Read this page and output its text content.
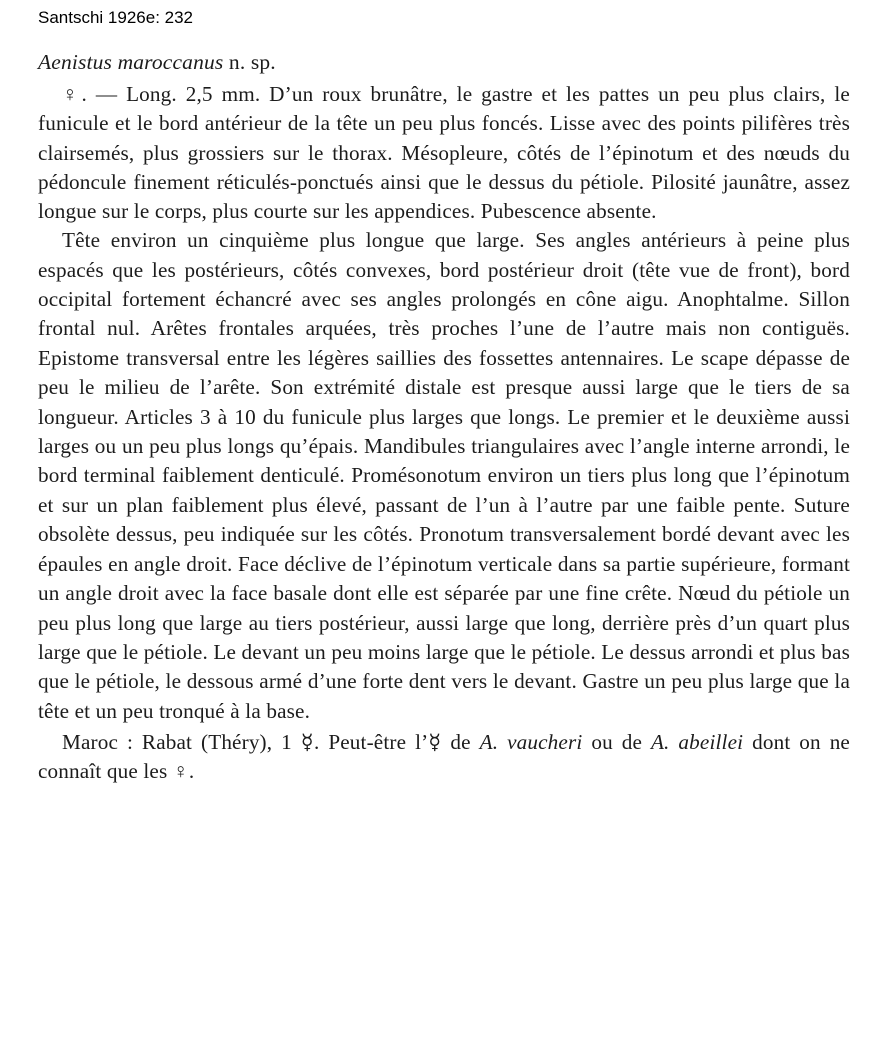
Santschi 1926e: 232

Aenistus maroccanus n. sp.

♀. — Long. 2,5 mm. D’un roux brunâtre, le gastre et les pattes un peu plus clairs, le funicule et le bord antérieur de la tête un peu plus foncés. Lisse avec des points pilifères très clairsemés, plus grossiers sur le thorax. Mésopleure, côtés de l’épinotum et des nœuds du pédoncule finement réticulés-ponctués ainsi que le dessus du pétiole. Pilosité jaunâtre, assez longue sur le corps, plus courte sur les appendices. Pubescence absente.

Tête environ un cinquième plus longue que large. Ses angles antérieurs à peine plus espacés que les postérieurs, côtés convexes, bord postérieur droit (tête vue de front), bord occipital fortement échancré avec ses angles prolongés en cône aigu. Anophtalme. Sillon frontal nul. Arêtes frontales arquées, très proches l’une de l’autre mais non contiguës. Epistome transversal entre les légères saillies des fossettes antennaires. Le scape dépasse de peu le milieu de l’arête. Son extrémité distale est presque aussi large que le tiers de sa longueur. Articles 3 à 10 du funicule plus larges que longs. Le premier et le deuxième aussi larges ou un peu plus longs qu’épais. Mandibules triangulaires avec l’angle interne arrondi, le bord terminal faiblement denticulé. Promésonotum environ un tiers plus long que l’épinotum et sur un plan faiblement plus élevé, passant de l’un à l’autre par une faible pente. Suture obsolète dessus, peu indiquée sur les côtés. Pronotum transversalement bordé devant avec les épaules en angle droit. Face déclive de l’épinotum verticale dans sa partie supérieure, formant un angle droit avec la face basale dont elle est séparée par une fine crête. Nœud du pétiole un peu plus long que large au tiers postérieur, aussi large que long, derrière près d’un quart plus large que le pétiole. Le devant un peu moins large que le pétiole. Le dessus arrondi et plus bas que le pétiole, le dessous armé d’une forte dent vers le devant. Gastre un peu plus large que la tête et un peu tronqué à la base.

Maroc : Rabat (Théry), 1 ☿. Peut-être l’☿ de A. vaucheri ou de A. abeillei dont on ne connaît que les ♀.
